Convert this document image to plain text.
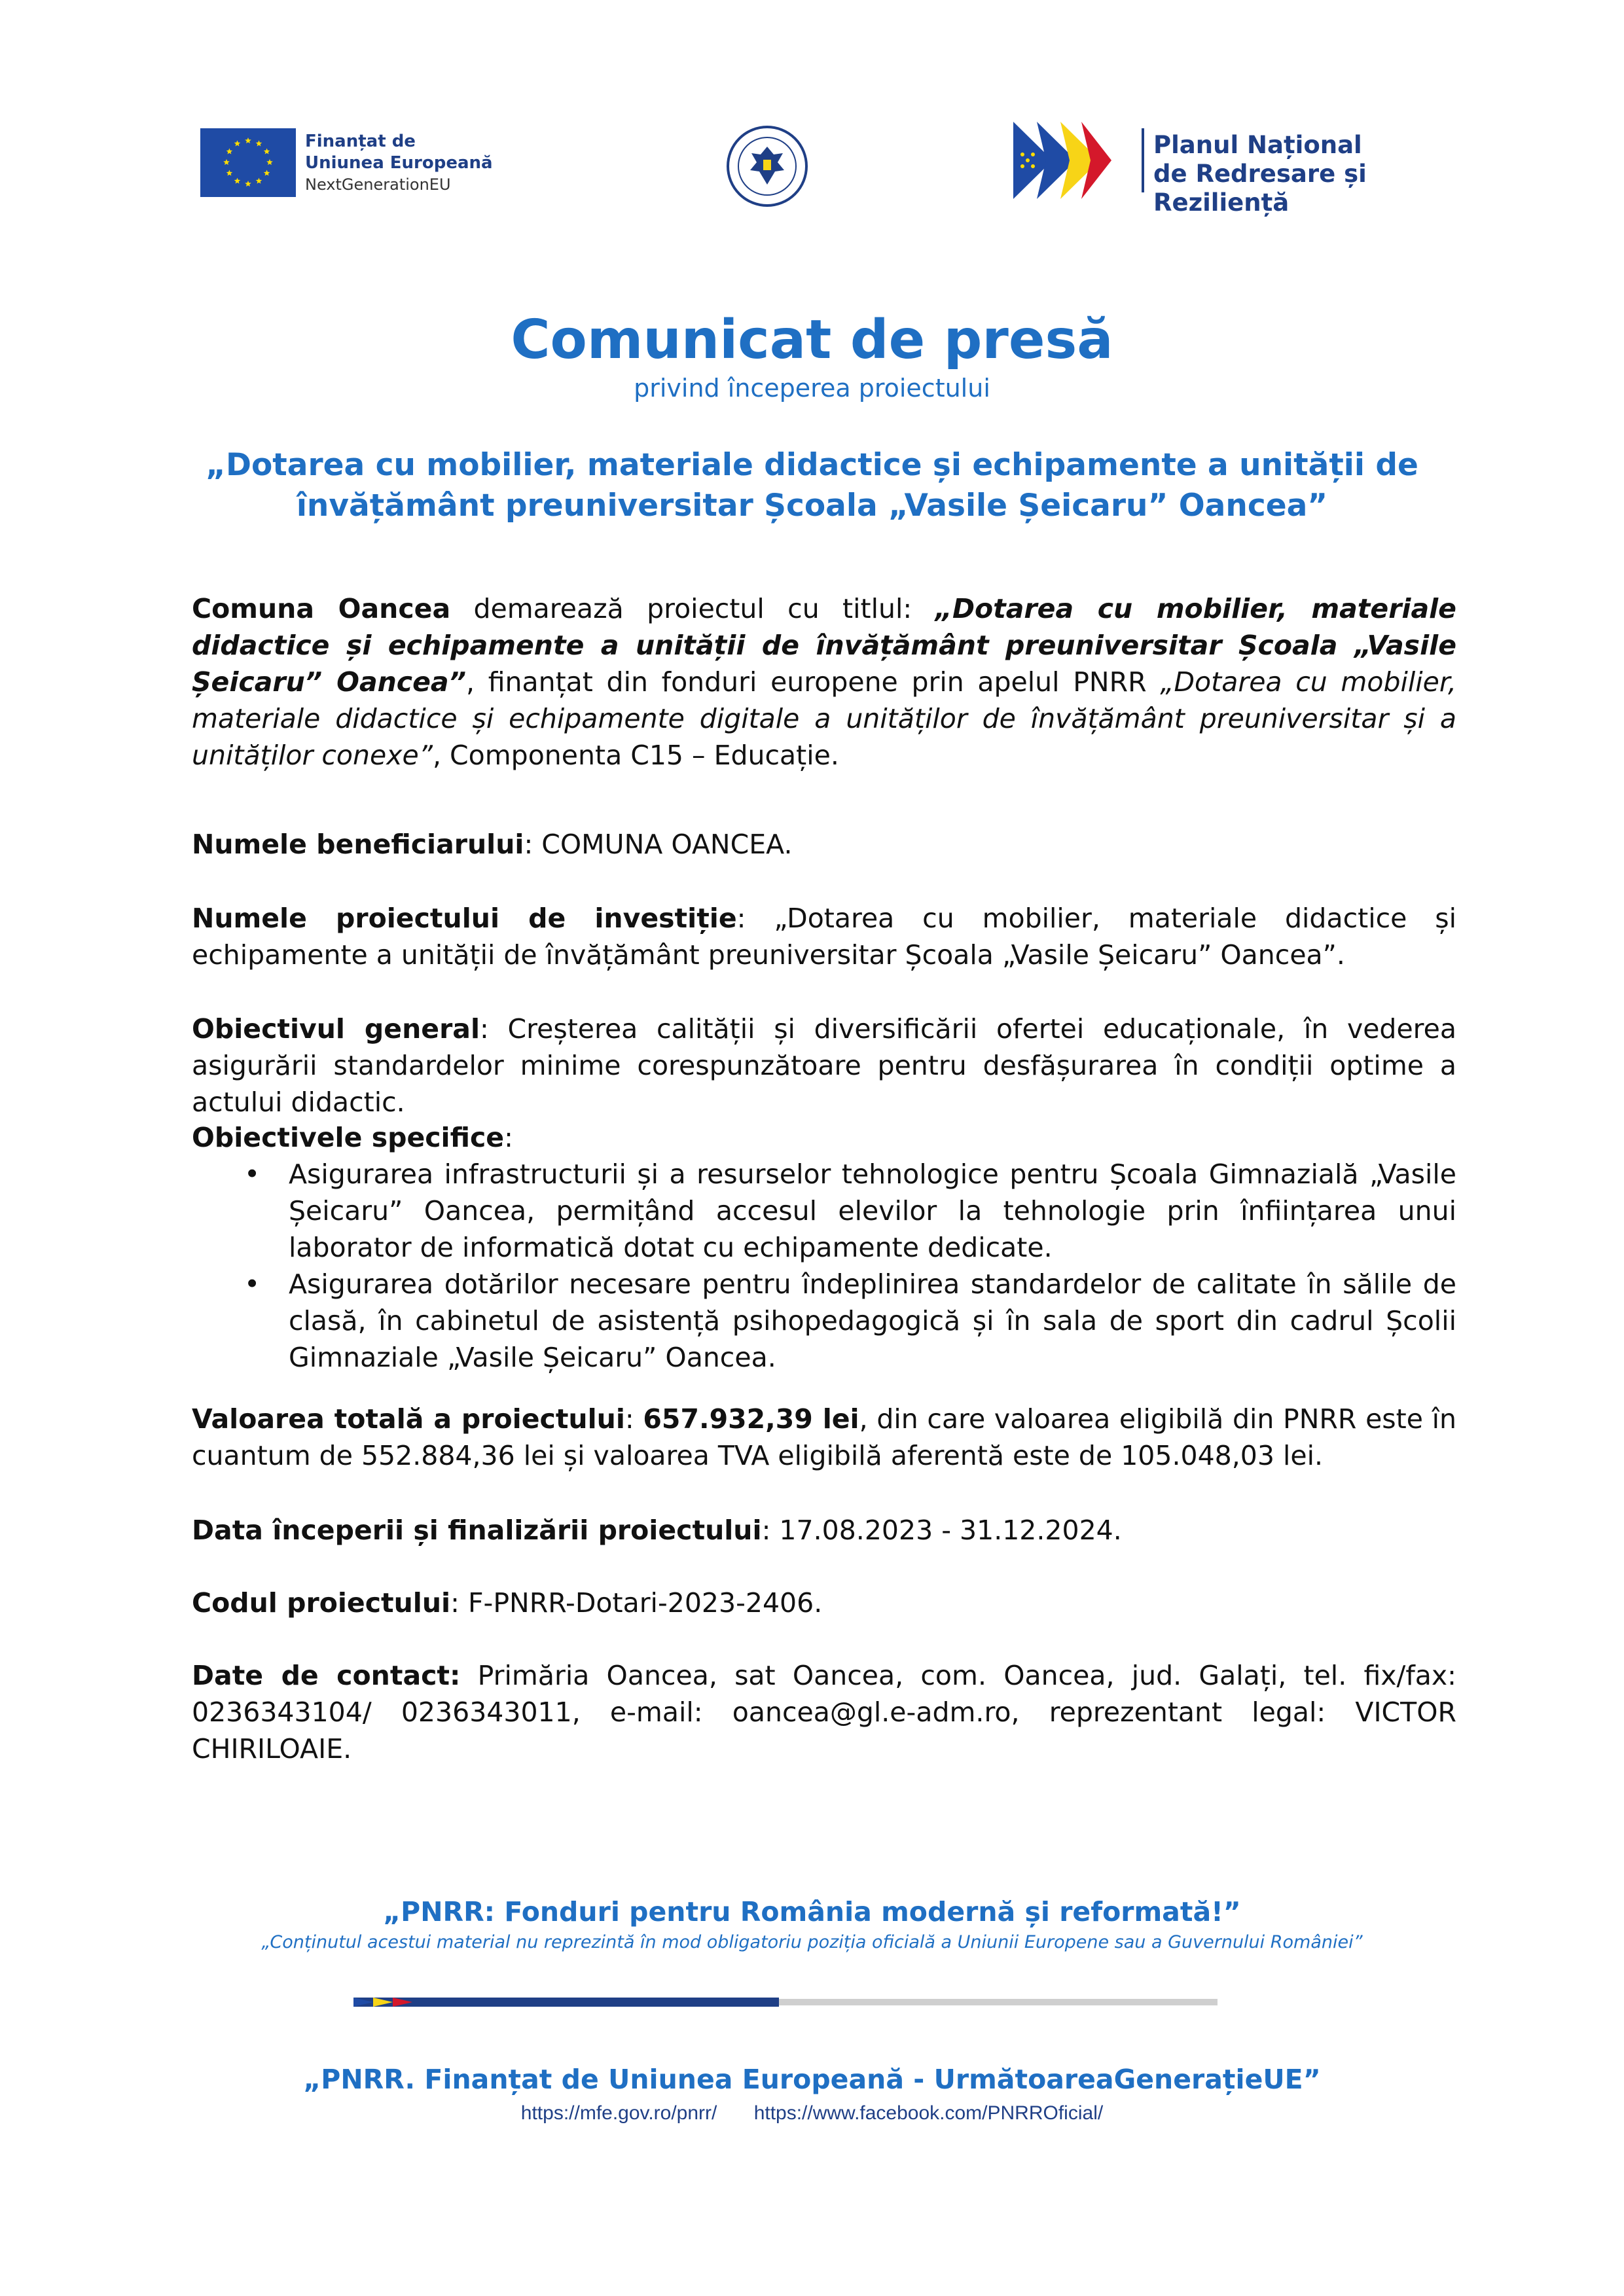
Finanțat de
Uniunea Europeană
NextGenerationEU
Planul Național
de Redresare și Reziliență
Comunicat de presă
privind începerea proiectului
„Dotarea cu mobilier, materiale didactice și echipamente a unității de
învățământ preuniversitar Școala „Vasile Șeicaru” Oancea”
Comuna Oancea demarează proiectul cu titlul: „Dotarea cu mobilier, materiale didactice și echipamente a unității de învățământ preuniversitar Școala „Vasile Șeicaru” Oancea”, finanțat din fonduri europene prin apelul PNRR „Dotarea cu mobilier, materiale didactice și echipamente digitale a unităților de învățământ preuniversitar și a unităților conexe”, Componenta C15 – Educație.
Numele beneficiarului: COMUNA OANCEA.
Numele proiectului de investiție: „Dotarea cu mobilier, materiale didactice și echipamente a unității de învățământ preuniversitar Școala „Vasile Șeicaru” Oancea”.
Obiectivul general: Creșterea calității și diversificării ofertei educaționale, în vederea asigurării standardelor minime corespunzătoare pentru desfășurarea în condiții optime a actului didactic.
Obiectivele specifice:
• Asigurarea infrastructurii și a resurselor tehnologice pentru Școala Gimnazială „Vasile Șeicaru” Oancea, permițând accesul elevilor la tehnologie prin înființarea unui laborator de informatică dotat cu echipamente dedicate.
• Asigurarea dotărilor necesare pentru îndeplinirea standardelor de calitate în sălile de clasă, în cabinetul de asistență psihopedagogică și în sala de sport din cadrul Școlii Gimnaziale „Vasile Șeicaru” Oancea.
Valoarea totală a proiectului: 657.932,39 lei, din care valoarea eligibilă din PNRR este în cuantum de 552.884,36 lei și valoarea TVA eligibilă aferentă este de 105.048,03 lei.
Data începerii și finalizării proiectului: 17.08.2023 - 31.12.2024.
Codul proiectului: F-PNRR-Dotari-2023-2406.
Date de contact: Primăria Oancea, sat Oancea, com. Oancea, jud. Galați, tel. fix/fax: 0236343104/ 0236343011, e-mail: oancea@gl.e-adm.ro, reprezentant legal: VICTOR CHIRILOAIE.
„PNRR: Fonduri pentru România modernă și reformată!”
„Conținutul acestui material nu reprezintă în mod obligatoriu poziția oficială a Uniunii Europene sau a Guvernului României”
„PNRR. Finanțat de Uniunea Europeană - UrmătoareaGenerațieUE”
https://mfe.gov.ro/pnrr/ https://www.facebook.com/PNRROficial/
